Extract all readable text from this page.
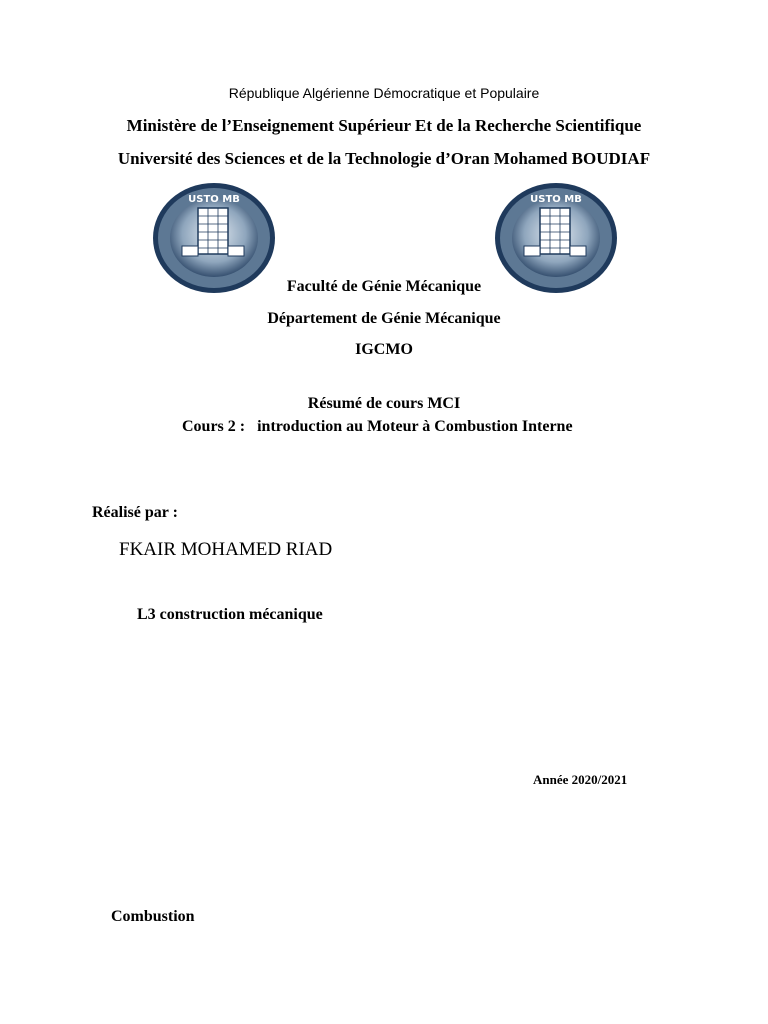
République Algérienne Démocratique et Populaire
Ministère de l’Enseignement Supérieur Et de la Recherche Scientifique
Université des Sciences et de la Technologie d’Oran Mohamed BOUDIAF
USTO MB	USTO MB
Faculté de Génie Mécanique
Département de Génie Mécanique
IGCMO
Résumé de cours MCI
Cours 2 : introduction au Moteur à Combustion Interne
Réalisé par :
FKAIR MOHAMED RIAD
L3 construction mécanique
Année 2020/2021
Combustion
